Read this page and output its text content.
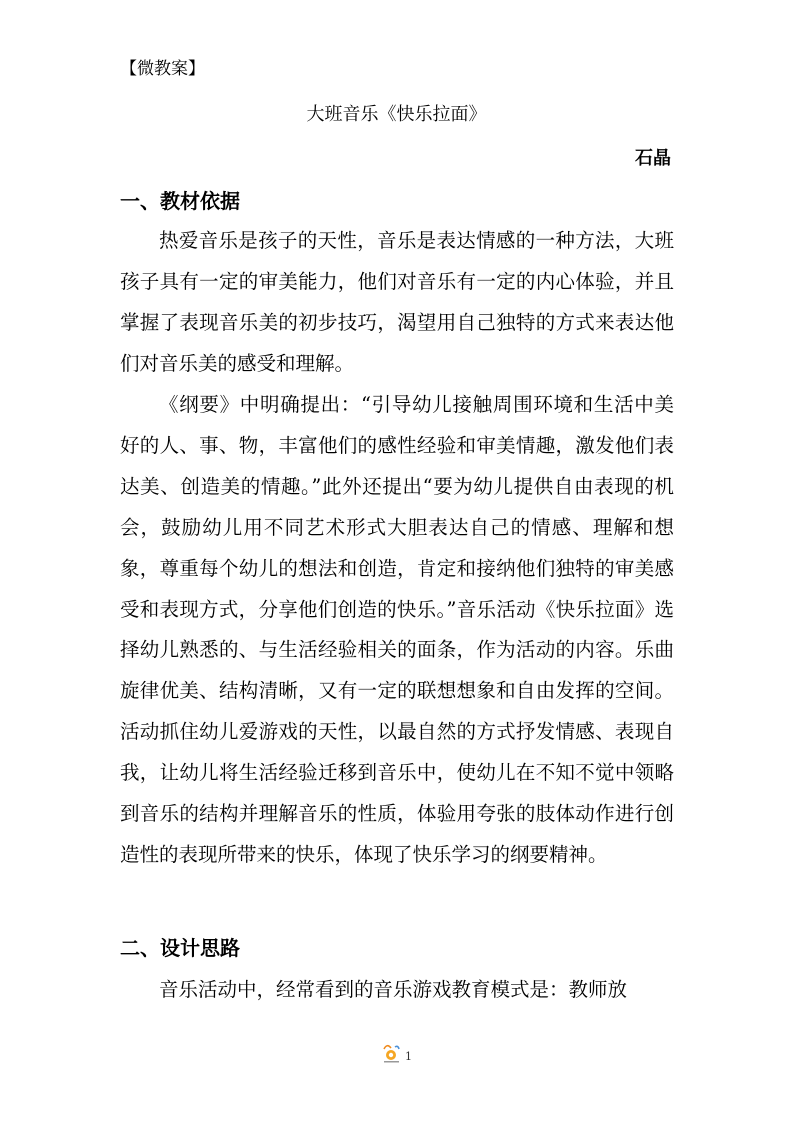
【微教案】
大班音乐《快乐拉面》
石晶
一、教材依据

热爱音乐是孩子的天性，音乐是表达情感的一种方法，大班孩子具有一定的审美能力，他们对音乐有一定的内心体验，并且掌握了表现音乐美的初步技巧，渴望用自己独特的方式来表达他们对音乐美的感受和理解。

《纲要》中明确提出：“引导幼儿接触周围环境和生活中美好的人、事、物，丰富他们的感性经验和审美情趣，激发他们表达美、创造美的情趣。”此外还提出“要为幼儿提供自由表现的机会，鼓励幼儿用不同艺术形式大胆表达自己的情感、理解和想象，尊重每个幼儿的想法和创造，肯定和接纳他们独特的审美感受和表现方式，分享他们创造的快乐。”音乐活动《快乐拉面》选择幼儿熟悉的、与生活经验相关的面条，作为活动的内容。乐曲旋律优美、结构清晰，又有一定的联想想象和自由发挥的空间。活动抓住幼儿爱游戏的天性，以最自然的方式抒发情感、表现自我，让幼儿将生活经验迁移到音乐中，使幼儿在不知不觉中领略到音乐的结构并理解音乐的性质，体验用夸张的肢体动作进行创造性的表现所带来的快乐，体现了快乐学习的纲要精神。

二、设计思路

音乐活动中，经常看到的音乐游戏教育模式是：教师放

1
